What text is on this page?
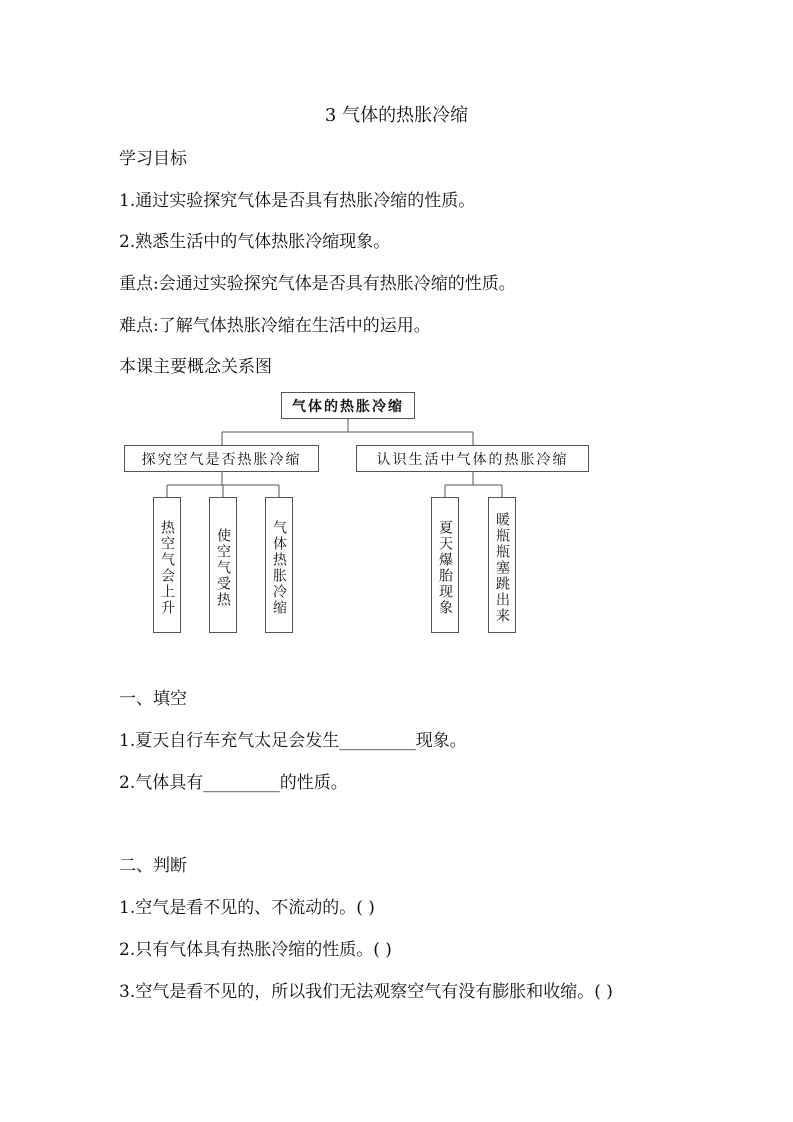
3 气体的热胀冷缩
学习目标
1.通过实验探究气体是否具有热胀冷缩的性质。
2.熟悉生活中的气体热胀冷缩现象。
重点:会通过实验探究气体是否具有热胀冷缩的性质。
难点:了解气体热胀冷缩在生活中的运用。
本课主要概念关系图
气体的热胀冷缩
探究空气是否热胀冷缩	认识生活中气体的热胀冷缩
热空气会上升	使空气受热	气体热胀冷缩	夏天爆胎现象	暖瓶瓶塞跳出来
一、填空
1.夏天自行车充气太足会发生_________现象。
2.气体具有_________的性质。
二、判断
1.空气是看不见的、不流动的。( )
2.只有气体具有热胀冷缩的性质。( )
3.空气是看不见的，所以我们无法观察空气有没有膨胀和收缩。( )
